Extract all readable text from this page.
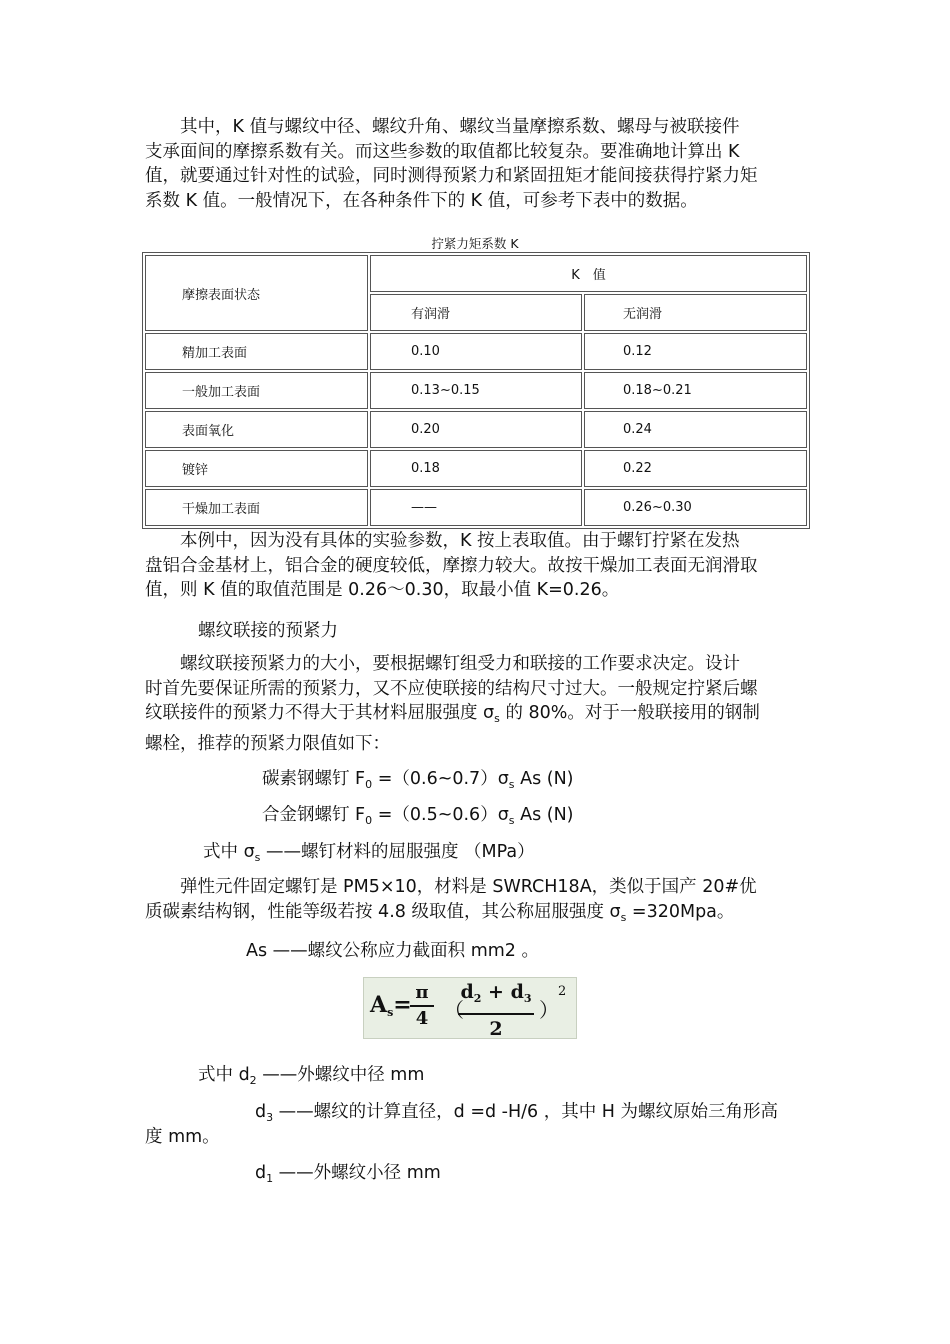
　　其中，K 值与螺纹中径、螺纹升角、螺纹当量摩擦系数、螺母与被联接件
支承面间的摩擦系数有关。而这些参数的取值都比较复杂。要准确地计算出 K
值，就要通过针对性的试验，同时测得预紧力和紧固扭矩才能间接获得拧紧力矩
系数 K 值。一般情况下，在各种条件下的 K 值，可参考下表中的数据。
拧紧力矩系数 K
摩擦表面状态	K　值	
	有润滑	无润滑
精加工表面	0.10	0.12
一般加工表面	0.13~0.15	0.18~0.21
表面氧化	0.20	0.24
镀锌	0.18	0.22
干燥加工表面	——	0.26~0.30
　　本例中，因为没有具体的实验参数，K 按上表取值。由于螺钉拧紧在发热
盘铝合金基材上，铝合金的硬度较低，摩擦力较大。故按干燥加工表面无润滑取
值，则 K 值的取值范围是 0.26～0.30，取最小值 K=0.26。

螺纹联接的预紧力

　　螺纹联接预紧力的大小，要根据螺钉组受力和联接的工作要求决定。设计
时首先要保证所需的预紧力，又不应使联接的结构尺寸过大。一般规定拧紧后螺
纹联接件的预紧力不得大于其材料屈服强度 $\sigma_s$ 的 80%。对于一般联接用的钢制
螺栓，推荐的预紧力限值如下：

碳素钢螺钉 $F_0$ $=(0.6\sim 0.7)\sigma_s$ As (N)

合金钢螺钉 $F_0$ $=(0.5\sim 0.6)\sigma_s$ As (N)

式中 $\sigma_s$ ——螺钉材料的屈服强度 （MPa）

　　弹性元件固定螺钉是 PM5×10，材料是 SWRCH18A，类似于国产 20#优
质碳素结构钢，性能等级若按 4.8 级取值，其公称屈服强度 $\sigma_s =320Mpa$。

As ——螺纹公称应力截面积 mm2 。

$A_s=$
$\frac{\pi}{4}$ （
$\frac{d_2 + d_3}{2}$ ）
2

式中 $d_2$ ——外螺纹中径 mm

$d_3$ ——螺纹的计算直径，d =d -H/6 ，其中 H 为螺纹原始三角形高

度 mm。

$d_1$ ——外螺纹小径 mm
